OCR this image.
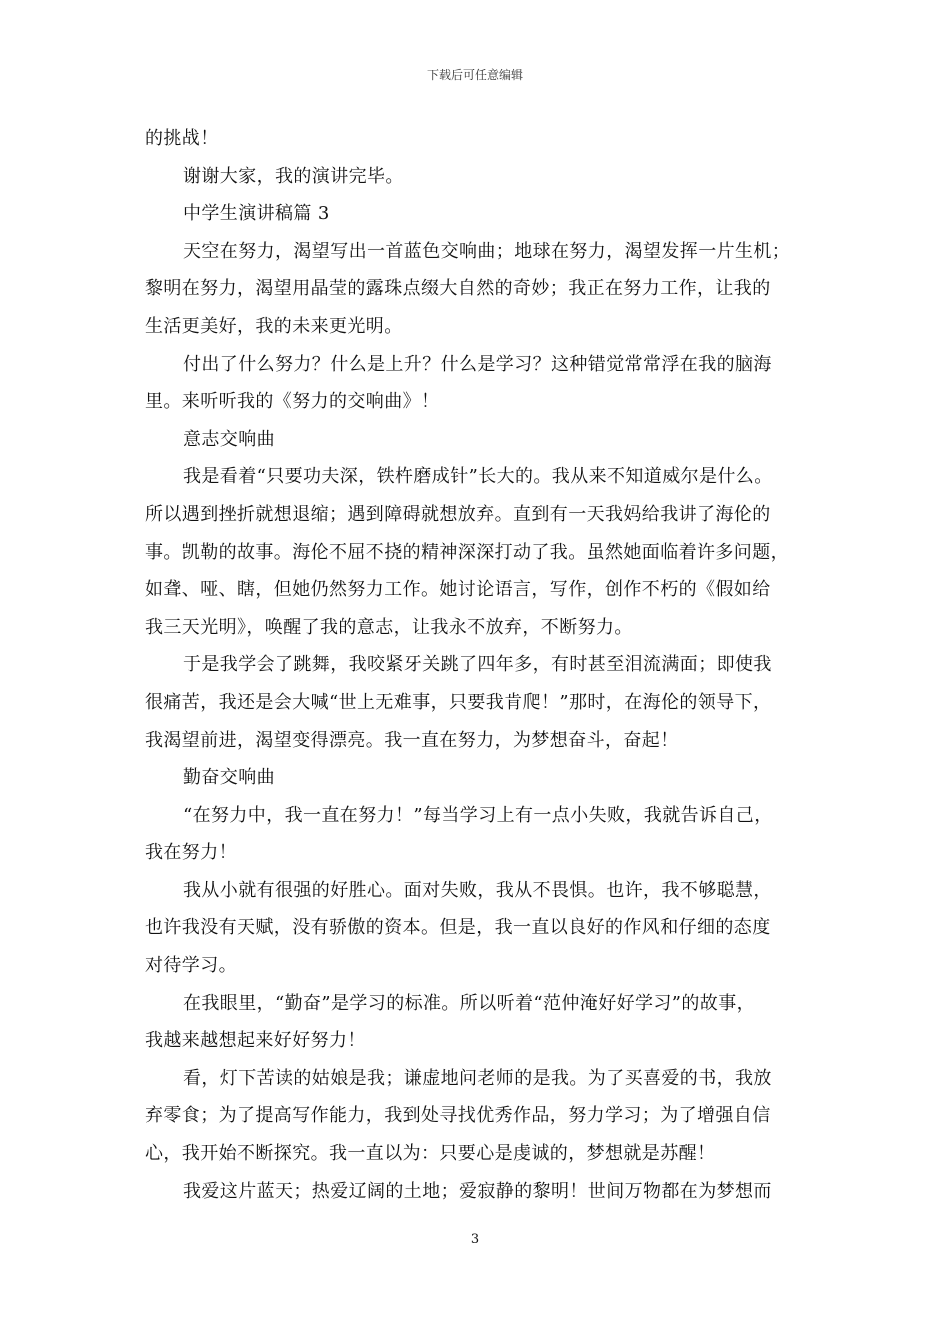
下载后可任意编辑
的挑战！
谢谢大家，我的演讲完毕。
中学生演讲稿篇 3
天空在努力，渴望写出一首蓝色交响曲；地球在努力，渴望发挥一片生机；
黎明在努力，渴望用晶莹的露珠点缀大自然的奇妙；我正在努力工作，让我的
生活更美好，我的未来更光明。
付出了什么努力？什么是上升？什么是学习？这种错觉常常浮在我的脑海
里。来听听我的《努力的交响曲》！
意志交响曲
我是看着“只要功夫深，铁杵磨成针”长大的。我从来不知道威尔是什么。
所以遇到挫折就想退缩；遇到障碍就想放弃。直到有一天我妈给我讲了海伦的
事。凯勒的故事。海伦不屈不挠的精神深深打动了我。虽然她面临着许多问题，
如聋、哑、瞎，但她仍然努力工作。她讨论语言，写作，创作不朽的《假如给
我三天光明》，唤醒了我的意志，让我永不放弃，不断努力。
于是我学会了跳舞，我咬紧牙关跳了四年多，有时甚至泪流满面；即使我
很痛苦，我还是会大喊“世上无难事，只要我肯爬！”那时，在海伦的领导下，
我渴望前进，渴望变得漂亮。我一直在努力，为梦想奋斗，奋起！
勤奋交响曲
“在努力中，我一直在努力！”每当学习上有一点小失败，我就告诉自己，
我在努力！
我从小就有很强的好胜心。面对失败，我从不畏惧。也许，我不够聪慧，
也许我没有天赋，没有骄傲的资本。但是，我一直以良好的作风和仔细的态度
对待学习。
在我眼里，“勤奋”是学习的标准。所以听着“范仲淹好好学习”的故事，
我越来越想起来好好努力！
看，灯下苦读的姑娘是我；谦虚地问老师的是我。为了买喜爱的书，我放
弃零食；为了提高写作能力，我到处寻找优秀作品，努力学习；为了增强自信
心，我开始不断探究。我一直以为：只要心是虔诚的，梦想就是苏醒！
我爱这片蓝天；热爱辽阔的土地；爱寂静的黎明！世间万物都在为梦想而
3
